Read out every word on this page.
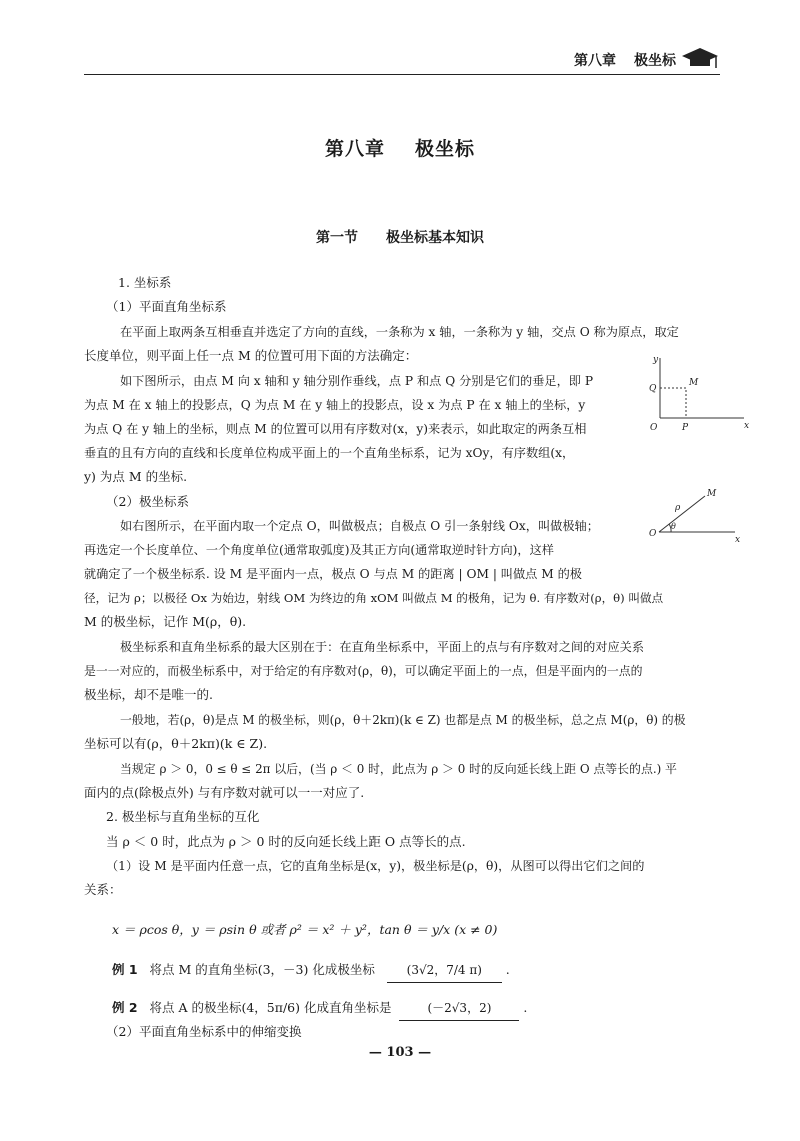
第八章 极坐标
第八章 极坐标
第一节 极坐标基本知识
1. 坐标系
（1）平面直角坐标系
在平面上取两条互相垂直并选定了方向的直线，一条称为 x 轴，一条称为 y 轴，交点 O 称为原点，取定
长度单位，则平面上任一点 M 的位置可用下面的方法确定：
如下图所示，由点 M 向 x 轴和 y 轴分别作垂线，点 P 和点 Q 分别是它们的垂足，即 P
为点 M 在 x 轴上的投影点，Q 为点 M 在 y 轴上的投影点，设 x 为点 P 在 x 轴上的坐标，y
为点 Q 在 y 轴上的坐标，则点 M 的位置可以用有序数对(x，y)来表示，如此取定的两条互相
垂直的且有方向的直线和长度单位构成平面上的一个直角坐标系，记为 xOy，有序数组(x，
y) 为点 M 的坐标.
y
x
O
Q
M
P
（2）极坐标系
如右图所示，在平面内取一个定点 O，叫做极点；自极点 O 引一条射线 Ox，叫做极轴；
再选定一个长度单位、一个角度单位(通常取弧度)及其正方向(通常取逆时针方向)，这样
就确定了一个极坐标系. 设 M 是平面内一点，极点 O 与点 M 的距离 | OM | 叫做点 M 的极
径，记为 ρ；以极径 Ox 为始边，射线 OM 为终边的角 xOM 叫做点 M 的极角，记为 θ. 有序数对(ρ，θ) 叫做点
M 的极坐标，记作 M(ρ，θ).
M
ρ
O
θ
x
极坐标系和直角坐标系的最大区别在于：在直角坐标系中，平面上的点与有序数对之间的对应关系
是一一对应的，而极坐标系中，对于给定的有序数对(ρ，θ)，可以确定平面上的一点，但是平面内的一点的
极坐标，却不是唯一的.
一般地，若(ρ，θ)是点 M 的极坐标，则(ρ，θ＋2kπ)(k ∈ Z) 也都是点 M 的极坐标，总之点 M(ρ，θ) 的极
坐标可以有(ρ，θ＋2kπ)(k ∈ Z).
当规定 ρ ＞ 0，0 ≤ θ ≤ 2π 以后，(当 ρ ＜ 0 时，此点为 ρ ＞ 0 时的反向延长线上距 O 点等长的点.) 平
面内的点(除极点外) 与有序数对就可以一一对应了.
2. 极坐标与直角坐标的互化
当 ρ ＜ 0 时，此点为 ρ ＞ 0 时的反向延长线上距 O 点等长的点.
（1）设 M 是平面内任意一点，它的直角坐标是(x，y)，极坐标是(ρ，θ)，从图可以得出它们之间的
关系：
x ＝ ρcos θ，y ＝ ρsin θ 或者 ρ² ＝ x² ＋ y²，tan θ ＝ y/x (x ≠ 0)
例 1 将点 M 的直角坐标(3，－3) 化成极坐标	(3√2，7/4 π) .
例 2 将点 A 的极坐标(4，5π/6) 化成直角坐标是	(－2√3，2) .
（2）平面直角坐标系中的伸缩变换
— 103 —
